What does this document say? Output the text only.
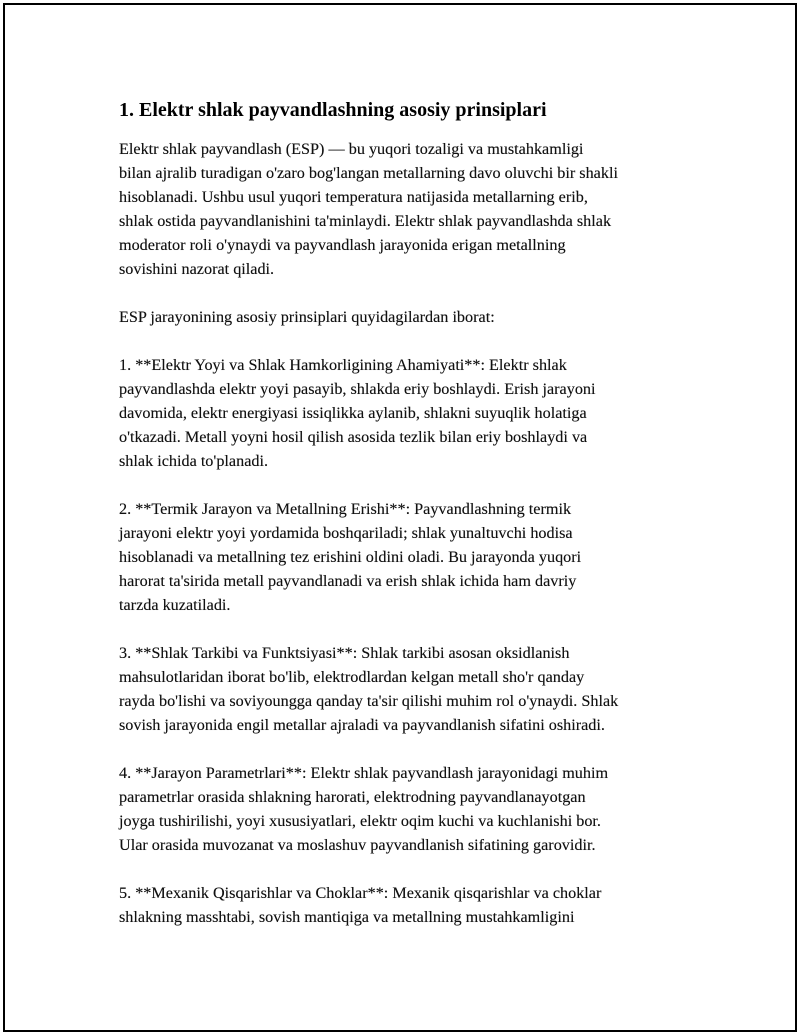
1. Elektr shlak payvandlashning asosiy prinsiplari

Elektr shlak payvandlash (ESP) — bu yuqori tozaligi va mustahkamligi
bilan ajralib turadigan o'zaro bog'langan metallarning davo oluvchi bir shakli
hisoblanadi. Ushbu usul yuqori temperatura natijasida metallarning erib,
shlak ostida payvandlanishini ta'minlaydi. Elektr shlak payvandlashda shlak
moderator roli o'ynaydi va payvandlash jarayonida erigan metallning
sovishini nazorat qiladi.

ESP jarayonining asosiy prinsiplari quyidagilardan iborat:

1. **Elektr Yoyi va Shlak Hamkorligining Ahamiyati**: Elektr shlak
payvandlashda elektr yoyi pasayib, shlakda eriy boshlaydi. Erish jarayoni
davomida, elektr energiyasi issiqlikka aylanib, shlakni suyuqlik holatiga
o'tkazadi. Metall yoyni hosil qilish asosida tezlik bilan eriy boshlaydi va
shlak ichida to'planadi.

2. **Termik Jarayon va Metallning Erishi**: Payvandlashning termik
jarayoni elektr yoyi yordamida boshqariladi; shlak yunaltuvchi hodisa
hisoblanadi va metallning tez erishini oldini oladi. Bu jarayonda yuqori
harorat ta'sirida metall payvandlanadi va erish shlak ichida ham davriy
tarzda kuzatiladi.

3. **Shlak Tarkibi va Funktsiyasi**: Shlak tarkibi asosan oksidlanish
mahsulotlaridan iborat bo'lib, elektrodlardan kelgan metall sho'r qanday
rayda bo'lishi va soviyoungga qanday ta'sir qilishi muhim rol o'ynaydi. Shlak
sovish jarayonida engil metallar ajraladi va payvandlanish sifatini oshiradi.

4. **Jarayon Parametrlari**: Elektr shlak payvandlash jarayonidagi muhim
parametrlar orasida shlakning harorati, elektrodning payvandlanayotgan
joyga tushirilishi, yoyi xususiyatlari, elektr oqim kuchi va kuchlanishi bor.
Ular orasida muvozanat va moslashuv payvandlanish sifatining garovidir.

5. **Mexanik Qisqarishlar va Choklar**: Mexanik qisqarishlar va choklar
shlakning masshtabi, sovish mantiqiga va metallning mustahkamligini
